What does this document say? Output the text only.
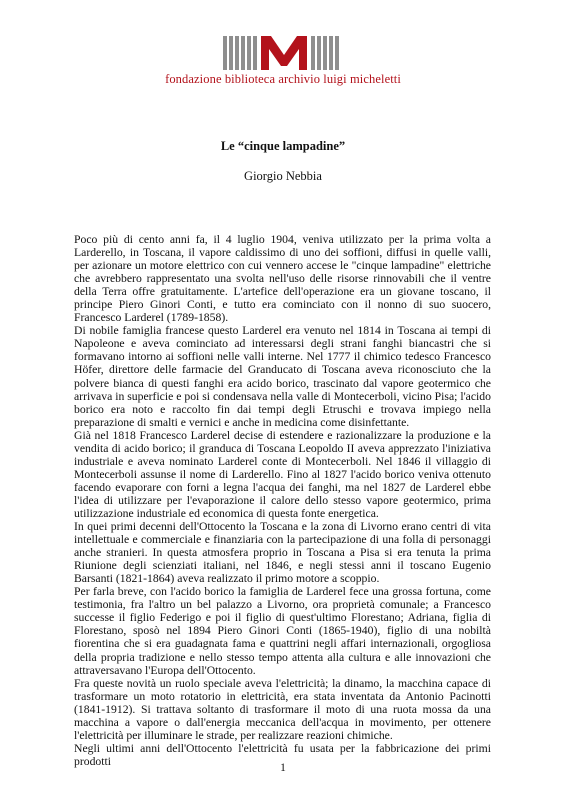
fondazione biblioteca archivio luigi micheletti
Le “cinque lampadine”
Giorgio Nebbia

Poco più di cento anni fa, il 4 luglio 1904, veniva utilizzato per la prima volta a Larderello, in Toscana, il vapore caldissimo di uno dei soffioni, diffusi in quelle valli, per azionare un motore elettrico con cui vennero accese le "cinque lampadine" elettriche che avrebbero rappresentato una svolta nell'uso delle risorse rinnovabili che il ventre della Terra offre gratuitamente. L'artefice dell'operazione era un giovane toscano, il principe Piero Ginori Conti, e tutto era cominciato con il nonno di suo suocero, Francesco Larderel (1789-1858).

Di nobile famiglia francese questo Larderel era venuto nel 1814 in Toscana ai tempi di Napoleone e aveva cominciato ad interessarsi degli strani fanghi biancastri che si formavano intorno ai soffioni nelle valli interne. Nel 1777 il chimico tedesco Francesco Höfer, direttore delle farmacie del Granducato di Toscana aveva riconosciuto che la polvere bianca di questi fanghi era acido borico, trascinato dal vapore geotermico che arrivava in superficie e poi si condensava nella valle di Montecerboli, vicino Pisa; l'acido borico era noto e raccolto fin dai tempi degli Etruschi e trovava impiego nella preparazione di smalti e vernici e anche in medicina come disinfettante.

Già nel 1818 Francesco Larderel decise di estendere e razionalizzare la produzione e la vendita di acido borico; il granduca di Toscana Leopoldo II aveva apprezzato l'iniziativa industriale e aveva nominato Larderel conte di Montecerboli. Nel 1846 il villaggio di Montecerboli assunse il nome di Larderello. Fino al 1827 l'acido borico veniva ottenuto facendo evaporare con forni a legna l'acqua dei fanghi, ma nel 1827 de Larderel ebbe l'idea di utilizzare per l'evaporazione il calore dello stesso vapore geotermico, prima utilizzazione industriale ed economica di questa fonte energetica.

In quei primi decenni dell'Ottocento la Toscana e la zona di Livorno erano centri di vita intellettuale e commerciale e finanziaria con la partecipazione di una folla di personaggi anche stranieri. In questa atmosfera proprio in Toscana a Pisa si era tenuta la prima Riunione degli scienziati italiani, nel 1846, e negli stessi anni il toscano Eugenio Barsanti (1821-1864) aveva realizzato il primo motore a scoppio.

Per farla breve, con l'acido borico la famiglia de Larderel fece una grossa fortuna, come testimonia, fra l'altro un bel palazzo a Livorno, ora proprietà comunale; a Francesco successe il figlio Federigo e poi il figlio di quest'ultimo Florestano; Adriana, figlia di Florestano, sposò nel 1894 Piero Ginori Conti (1865-1940), figlio di una nobiltà fiorentina che si era guadagnata fama e quattrini negli affari internazionali, orgogliosa della propria tradizione e nello stesso tempo attenta alla cultura e alle innovazioni che attraversavano l'Europa dell'Ottocento.

Fra queste novità un ruolo speciale aveva l'elettricità; la dinamo, la macchina capace di trasformare un moto rotatorio in elettricità, era stata inventata da Antonio Pacinotti (1841-1912). Si trattava soltanto di trasformare il moto di una ruota mossa da una macchina a vapore o dall'energia meccanica dell'acqua in movimento, per ottenere l'elettricità per illuminare le strade, per realizzare reazioni chimiche.

Negli ultimi anni dell'Ottocento l'elettricità fu usata per la fabbricazione dei primi prodotti

1
